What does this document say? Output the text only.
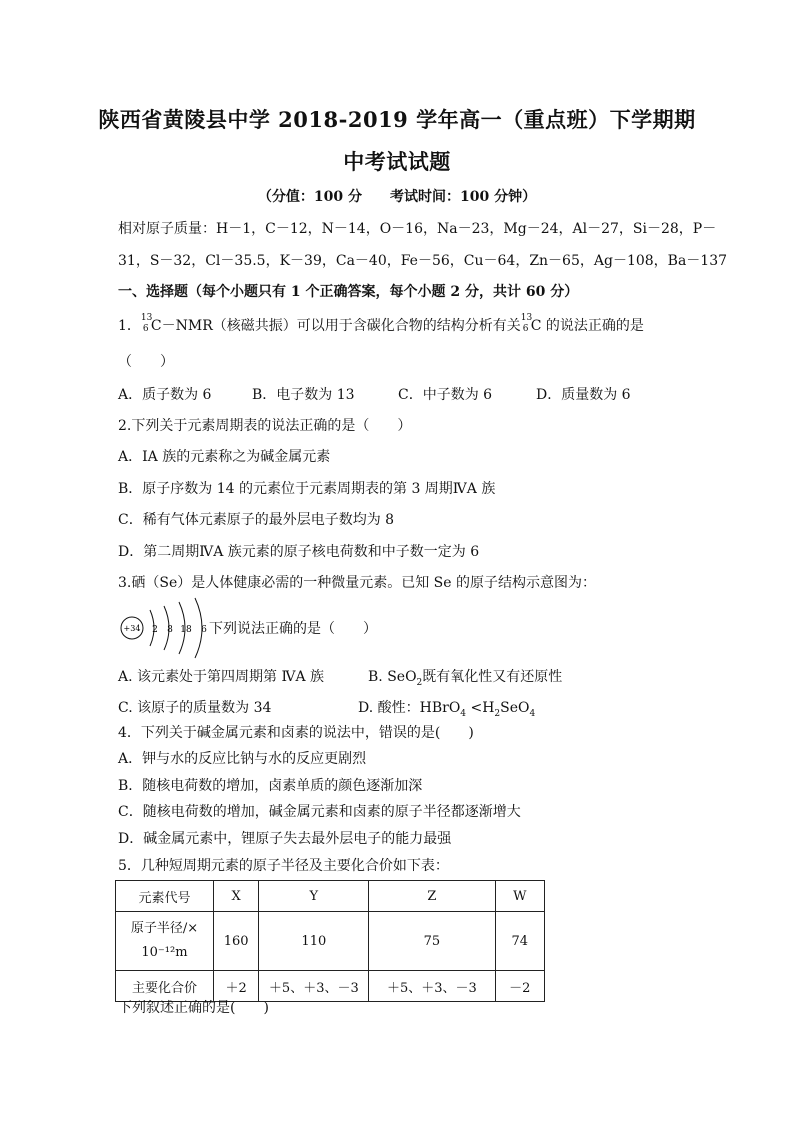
陕西省黄陵县中学 2018-2019 学年高一（重点班）下学期期
中考试试题
（分值：100 分 考试时间：100 分钟）
相对原子质量：H－1，C－12，N－14，O－16，Na－23，Mg－24，Al－27，Si－28，P－
31，S－32，Cl－35.5，K－39，Ca－40，Fe－56，Cu－64，Zn－65，Ag－108，Ba－137
一、选择题（每个小题只有 1 个正确答案，每个小题 2 分，共计 60 分）
1． 13
6 C－NMR（核磁共振）可以用于含碳化合物的结构分析有关 13
6 C 的说法正确的是
（　　）
A．质子数为 6	B．电子数为 13	C．中子数为 6	D．质量数为 6
2.下列关于元素周期表的说法正确的是（　　）
A．ⅠA 族的元素称之为碱金属元素
B．原子序数为 14 的元素位于元素周期表的第 3 周期ⅣA 族
C．稀有气体元素原子的最外层电子数均为 8
D．第二周期ⅣA 族元素的原子核电荷数和中子数一定为 6
3.硒（Se）是人体健康必需的一种微量元素。已知 Se 的原子结构示意图为：
+34 2 8 18 6 下列说法正确的是（　　）
A. 该元素处于第四周期第 ⅣA 族	B. SeO$_2$既有氧化性又有还原性
C. 该原子的质量数为 34	D. 酸性：HBrO$_4$ $<H_2SeO_4$
4．下列关于碱金属元素和卤素的说法中，错误的是(　　)
A．钾与水的反应比钠与水的反应更剧烈
B．随核电荷数的增加，卤素单质的颜色逐渐加深
C．随核电荷数的增加，碱金属元素和卤素的原子半径都逐渐增大
D．碱金属元素中，锂原子失去最外层电子的能力最强
5．几种短周期元素的原子半径及主要化合价如下表：
元素代号	X	Y	Z	W

原子半径/×
10⁻¹²m	160	110	75	74
主要化合价	＋2	＋5、＋3、－3	＋5、＋3、－3	－2
下列叙述正确的是(　　)
